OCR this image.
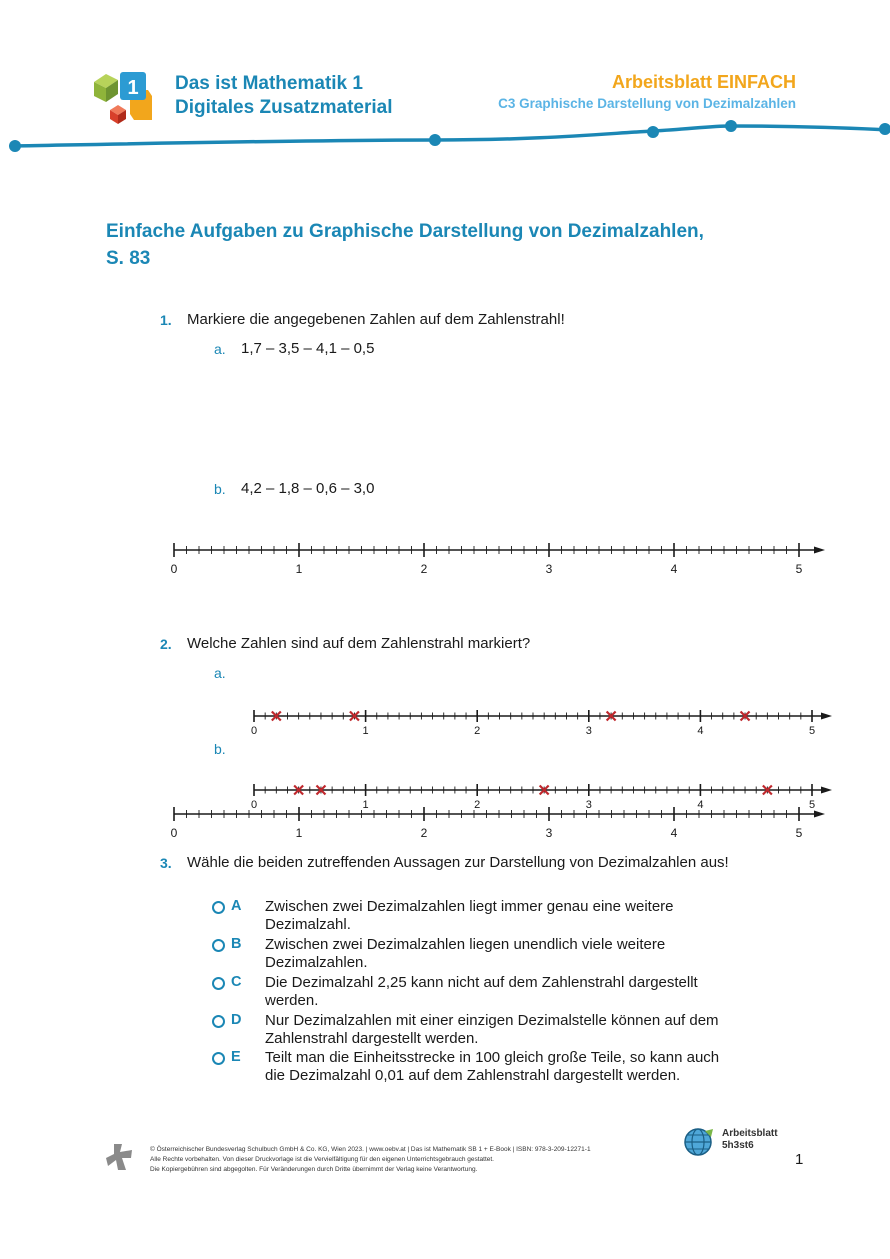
1 Das ist Mathematik 1
Digitales Zusatzmaterial
Arbeitsblatt EINFACH
C3 Graphische Darstellung von Dezimalzahlen
Einfache Aufgaben zu Graphische Darstellung von Dezimalzahlen,
S. 83
1. Markiere die angegebenen Zahlen auf dem Zahlenstrahl!
a. 1,7 – 3,5 – 4,1 – 0,5
0	1	2	3	4	5
b. 4,2 – 1,8 – 0,6 – 3,0
0	1	2	3	4	5
2. Welche Zahlen sind auf dem Zahlenstrahl markiert?
a.
0	1	2	3	4	5
b.
0	1	2	3	4	5
3. Wähle die beiden zutreffenden Aussagen zur Darstellung von Dezimalzahlen aus!
A Zwischen zwei Dezimalzahlen liegt immer genau eine weitere
Dezimalzahl.
B Zwischen zwei Dezimalzahlen liegen unendlich viele weitere
Dezimalzahlen.
C Die Dezimalzahl 2,25 kann nicht auf dem Zahlenstrahl dargestellt
werden.
D Nur Dezimalzahlen mit einer einzigen Dezimalstelle können auf dem
Zahlenstrahl dargestellt werden.
E Teilt man die Einheitsstrecke in 100 gleich große Teile, so kann auch
die Dezimalzahl 0,01 auf dem Zahlenstrahl dargestellt werden.
© Österreichischer Bundesverlag Schulbuch GmbH & Co. KG, Wien 2023. | www.oebv.at | Das ist Mathematik SB 1 + E-Book | ISBN: 978-3-209-12271-1
Alle Rechte vorbehalten. Von dieser Druckvorlage ist die Vervielfältigung für den eigenen Unterrichtsgebrauch gestattet.
Die Kopiergebühren sind abgegolten. Für Veränderungen durch Dritte übernimmt der Verlag keine Verantwortung.
Arbeitsblatt
5h3st6
1
